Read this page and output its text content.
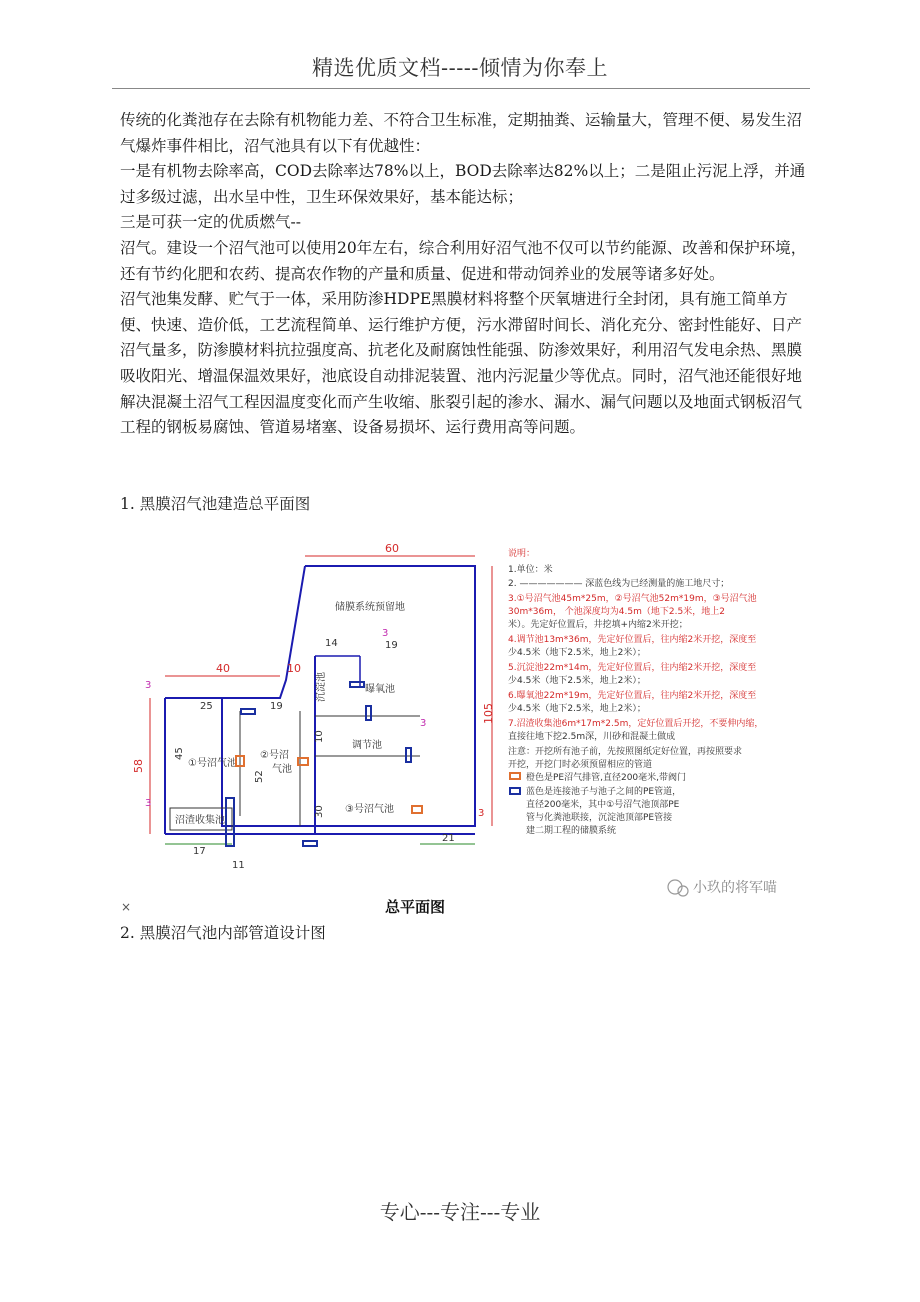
精选优质文档-----倾情为你奉上

传统的化粪池存在去除有机物能力差、不符合卫生标准，定期抽粪、运输量大，管理不便、易发生沼气爆炸事件相比，沼气池具有以下有优越性：

一是有机物去除率高，COD去除率达78%以上，BOD去除率达82%以上；二是阻止污泥上浮，并通过多级过滤，出水呈中性，卫生环保效果好，基本能达标；

三是可获一定的优质燃气--

沼气。建设一个沼气池可以使用20年左右，综合利用好沼气池不仅可以节约能源、改善和保护环境，还有节约化肥和农药、提高农作物的产量和质量、促进和带动饲养业的发展等诸多好处。

沼气池集发酵、贮气于一体，采用防渗HDPE黑膜材料将整个厌氧塘进行全封闭，具有施工简单方便、快速、造价低，工艺流程简单、运行维护方便，污水滞留时间长、消化充分、密封性能好、日产沼气量多，防渗膜材料抗拉强度高、抗老化及耐腐蚀性能强、防渗效果好，利用沼气发电余热、黑膜吸收阳光、增温保温效果好，池底设自动排泥装置、池内污泥量少等优点。同时，沼气池还能很好地解决混凝土沼气工程因温度变化而产生收缩、胀裂引起的渗水、漏水、漏气问题以及地面式钢板沼气工程的钢板易腐蚀、管道易堵塞、设备易损坏、运行费用高等问题。

1. 黑膜沼气池建造总平面图
60
40	10
105
58
17
11
21
25	19
14
3
19
3
3
45
52
30
10
3
3
储膜系统预留地
沉淀池	曝氧池
调节池
①号沼气池
②号沼
气池
③号沼气池
沼渣收集池
总平面图
说明：
1.单位：米
2. ——————— 深蓝色线为已经测量的施工地尺寸；
3.①号沼气池45m*25m，②号沼气池52m*19m，③号沼气池
30m*36m， 个池深度均为4.5m（地下2.5米，地上2
米）。先定好位置后，井挖填+内缩2米开挖；
4.调节池13m*36m，先定好位置后，往内缩2米开挖，深度至
少4.5米（地下2.5米，地上2米）；
5.沉淀池22m*14m，先定好位置后，往内缩2米开挖，深度至
少4.5米（地下2.5米，地上2米）；
6.曝氧池22m*19m，先定好位置后，往内缩2米开挖，深度至
少4.5米（地下2.5米，地上2米）；
7.沼渣收集池6m*17m*2.5m，定好位置后开挖，不要伸内缩，
直接往地下挖2.5m深，川砂和混凝土做成
注意：开挖所有池子前，先按照图纸定好位置，再按照要求
开挖，开挖门时必须预留相应的管道
橙色是PE沼气排管,直径200毫米,带阀门
蓝色是连接池子与池子之间的PE管道，
直径200毫米，其中①号沼气池顶部PE
管与化粪池联接，沉淀池顶部PE管接
建二期工程的储膜系统
小玖的将军喵
×
2. 黑膜沼气池内部管道设计图
专心---专注---专业
